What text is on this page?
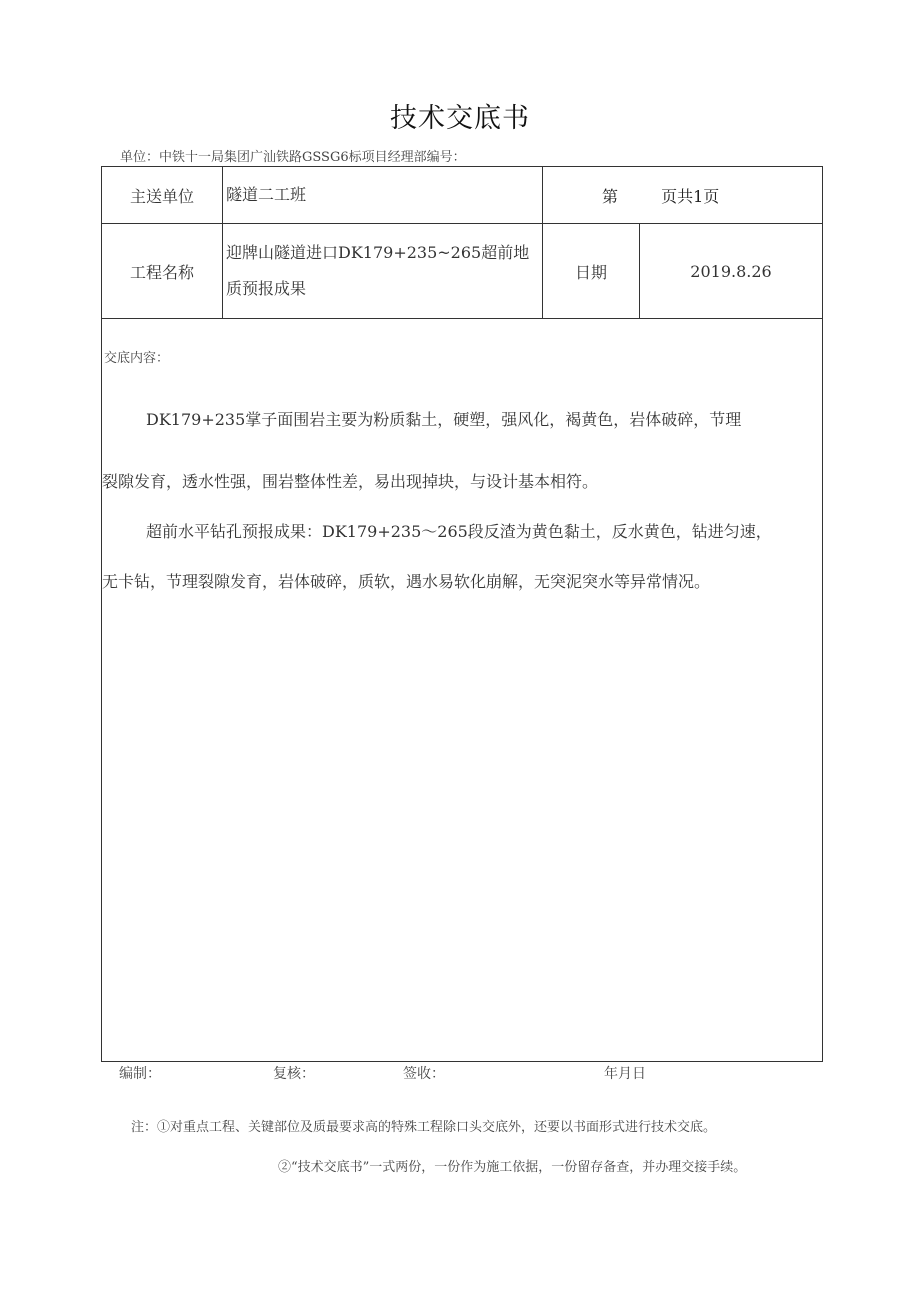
技术交底书
单位：中铁十一局集团广汕铁路GSSG6标项目经理部编号：
主送单位	隧道二工班	第 页共1页	
工程名称	迎牌山隧道进口DK179+235~265超前地质预报成果	日期	2019.8.26

交底内容：

DK179+235掌子面围岩主要为粉质黏土，硬塑，强风化，褐黄色，岩体破碎，节理

裂隙发育，透水性强，围岩整体性差，易出现掉块，与设计基本相符。

超前水平钻孔预报成果：DK179+235～265段反渣为黄色黏土，反水黄色，钻进匀速，

无卡钻，节理裂隙发育，岩体破碎，质软，遇水易软化崩解，无突泥突水等异常情况。			

编制：	复核：	签收：	年月日
注：①对重点工程、关键部位及质最要求高的特殊工程除口头交底外，还要以书面形式进行技术交底。
②“技术交底书”一式两份，一份作为施工依据，一份留存备查，并办理交接手续。
